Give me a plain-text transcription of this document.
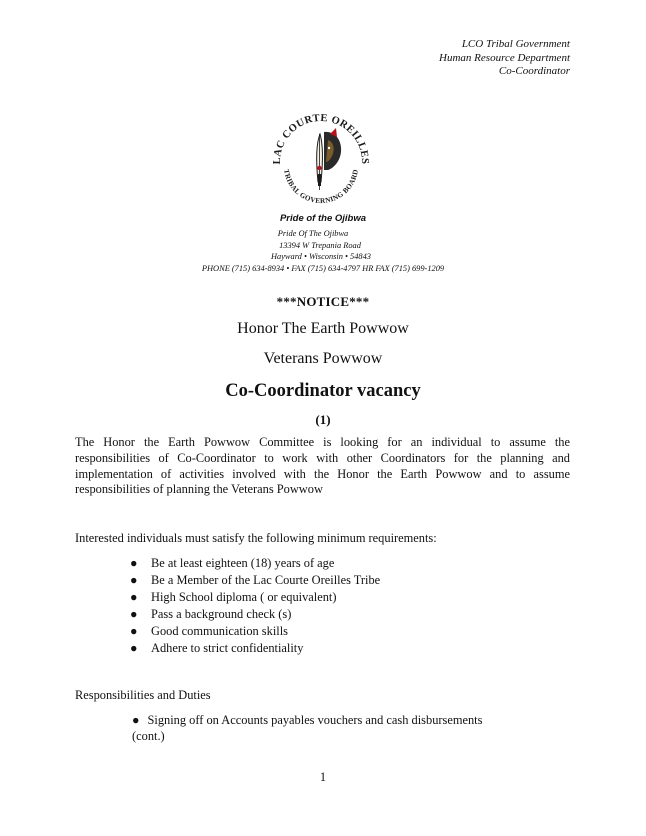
LCO Tribal Government
Human Resource Department
Co-Coordinator
LAC COURTE OREILLES
TRIBAL GOVERNING BOARD
Pride of the Ojibwa
Pride Of The Ojibwa
13394 W Trepania Road
Hayward • Wisconsin • 54843
PHONE (715) 634-8934 • FAX (715) 634-4797 HR FAX (715) 699-1209
***NOTICE***
Honor The Earth Powwow
Veterans Powwow
Co-Coordinator vacancy
(1)
The Honor the Earth Powwow Committee is looking for an individual to assume the responsibilities of Co-Coordinator to work with other Coordinators for the planning and implementation of activities involved with the Honor the Earth Powwow and to assume responsibilities of planning the Veterans Powwow
Interested individuals must satisfy the following minimum requirements:
● Be at least eighteen (18) years of age
● Be a Member of the Lac Courte Oreilles Tribe
● High School diploma ( or equivalent)
● Pass a background check (s)
● Good communication skills
● Adhere to strict confidentiality
Responsibilities and Duties
● Signing off on Accounts payables vouchers and cash disbursements
(cont.)
1
